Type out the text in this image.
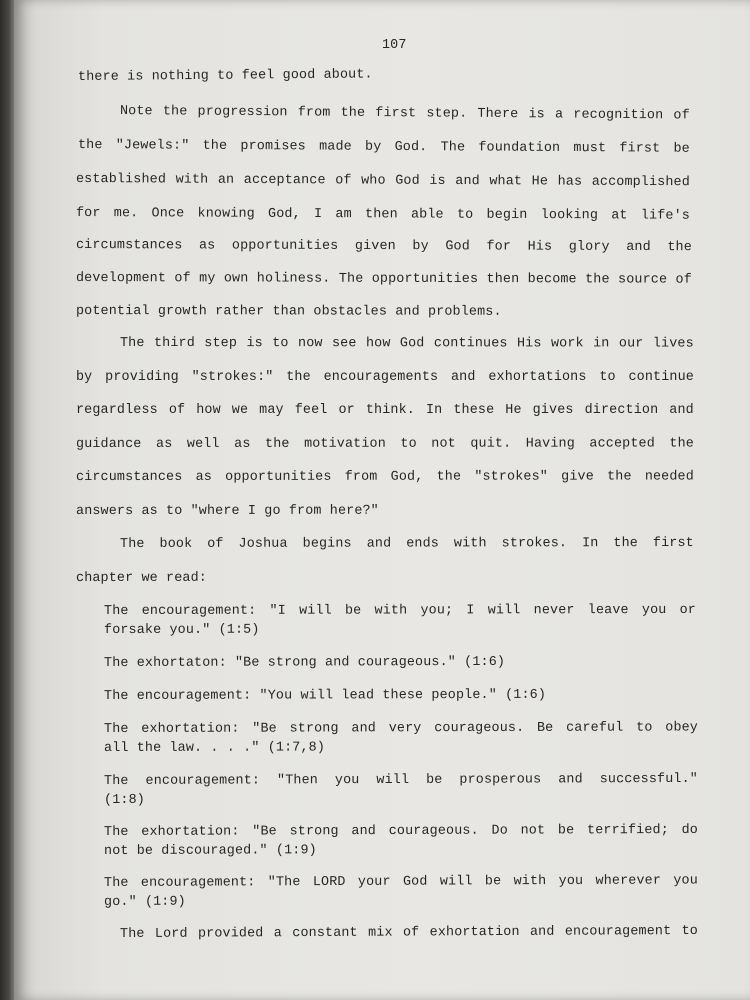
107
there is nothing to feel good about.
Note the progression from the first step. There is a recognition of
the "Jewels:" the promises made by God. The foundation must first be
established with an acceptance of who God is and what He has accomplished
for me. Once knowing God, I am then able to begin looking at life's
circumstances as opportunities given by God for His glory and the
development of my own holiness. The opportunities then become the source of
potential growth rather than obstacles and problems.
The third step is to now see how God continues His work in our lives
by providing "strokes:" the encouragements and exhortations to continue
regardless of how we may feel or think. In these He gives direction and
guidance as well as the motivation to not quit. Having accepted the
circumstances as opportunities from God, the "strokes" give the needed
answers as to "where I go from here?"
The book of Joshua begins and ends with strokes. In the first
chapter we read:
The encouragement: "I will be with you; I will never leave you or
forsake you." (1:5)
The exhortaton: "Be strong and courageous." (1:6)
The encouragement: "You will lead these people." (1:6)
The exhortation: "Be strong and very courageous. Be careful to obey
all the law. . . ." (1:7,8)
The encouragement: "Then you will be prosperous and successful."
(1:8)
The exhortation: "Be strong and courageous. Do not be terrified; do
not be discouraged." (1:9)
The encouragement: "The LORD your God will be with you wherever you
go." (1:9)
The Lord provided a constant mix of exhortation and encouragement to
